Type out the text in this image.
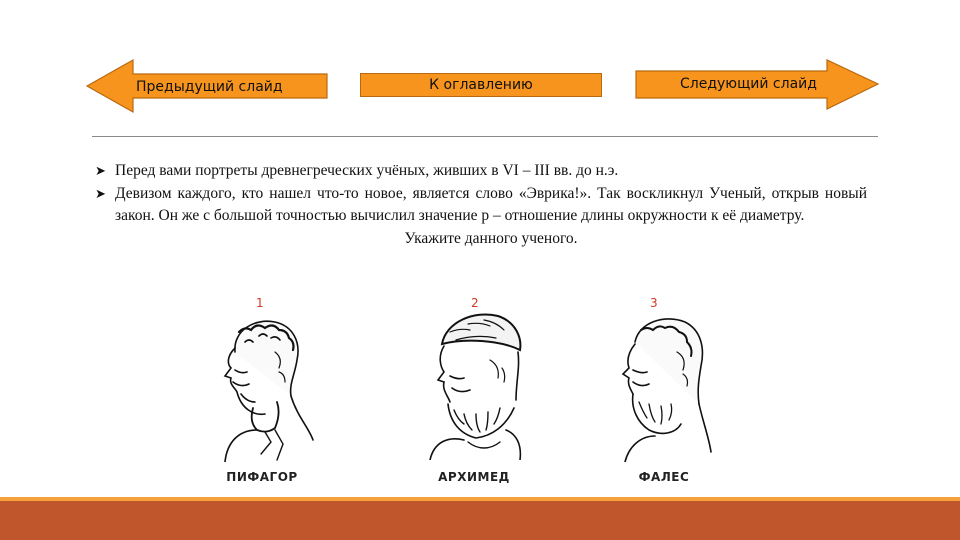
Предыдущий слайд	К оглавлению	Следующий слайд
➤ Перед вами портреты древнегреческих учёных, живших в VI – III вв. до н.э.
➤ Девизом каждого, кто нашел что-то новое, является слово «Эврика!». Так воскликнул Ученый, открыв новый закон. Он же с большой точностью вычислил значение р – отношение длины окружности к её диаметру.
Укажите данного ученого.
1	2	3
ПИФАГОР	АРХИМЕД	ФАЛЕС
